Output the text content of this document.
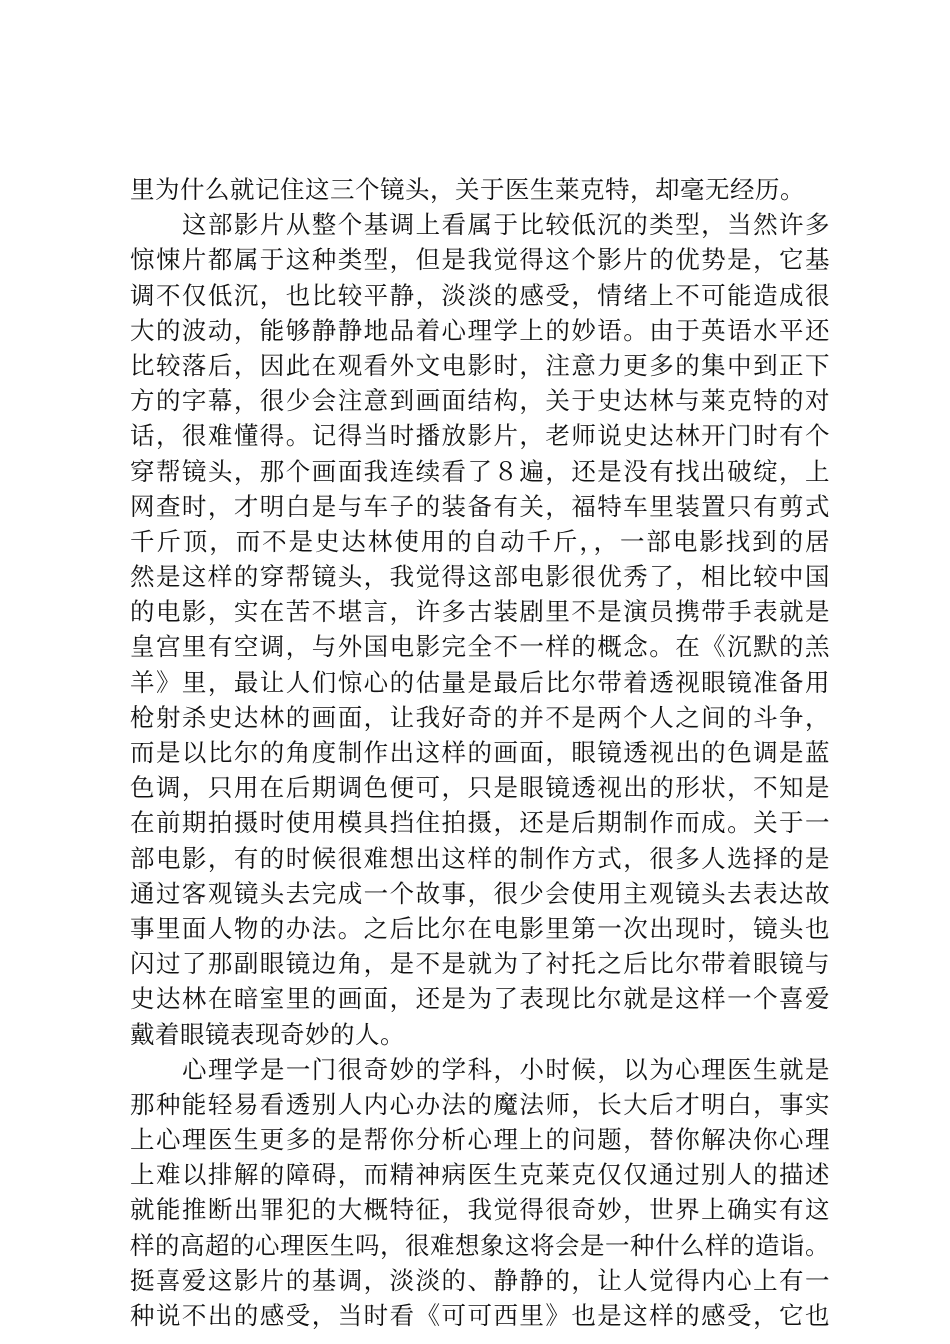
里为什么就记住这三个镜头，关于医生莱克特，却毫无经历。
这部影片从整个基调上看属于比较低沉的类型，当然许多
惊悚片都属于这种类型，但是我觉得这个影片的优势是，它基
调不仅低沉，也比较平静，淡淡的感受，情绪上不可能造成很
大的波动，能够静静地品着心理学上的妙语。由于英语水平还
比较落后，因此在观看外文电影时，注意力更多的集中到正下
方的字幕，很少会注意到画面结构，关于史达林与莱克特的对
话，很难懂得。记得当时播放影片，老师说史达林开门时有个
穿帮镜头，那个画面我连续看了８遍，还是没有找出破绽，上
网查时，才明白是与车子的装备有关，福特车里装置只有剪式
千斤顶，而不是史达林使用的自动千斤，，一部电影找到的居
然是这样的穿帮镜头，我觉得这部电影很优秀了，相比较中国
的电影，实在苦不堪言，许多古装剧里不是演员携带手表就是
皇宫里有空调，与外国电影完全不一样的概念。在《沉默的羔
羊》里，最让人们惊心的估量是最后比尔带着透视眼镜准备用
枪射杀史达林的画面，让我好奇的并不是两个人之间的斗争，
而是以比尔的角度制作出这样的画面，眼镜透视出的色调是蓝
色调，只用在后期调色便可，只是眼镜透视出的形状，不知是
在前期拍摄时使用模具挡住拍摄，还是后期制作而成。关于一
部电影，有的时候很难想出这样的制作方式，很多人选择的是
通过客观镜头去完成一个故事，很少会使用主观镜头去表达故
事里面人物的办法。之后比尔在电影里第一次出现时，镜头也
闪过了那副眼镜边角，是不是就为了衬托之后比尔带着眼镜与
史达林在暗室里的画面，还是为了表现比尔就是这样一个喜爱
戴着眼镜表现奇妙的人。
心理学是一门很奇妙的学科，小时候，以为心理医生就是
那种能轻易看透别人内心办法的魔法师，长大后才明白，事实
上心理医生更多的是帮你分析心理上的问题，替你解决你心理
上难以排解的障碍，而精神病医生克莱克仅仅通过别人的描述
就能推断出罪犯的大概特征，我觉得很奇妙，世界上确实有这
样的高超的心理医生吗，很难想象这将会是一种什么样的造诣。
挺喜爱这影片的基调，淡淡的、静静的，让人觉得内心上有一
种说不出的感受，当时看《可可西里》也是这样的感受，它也
